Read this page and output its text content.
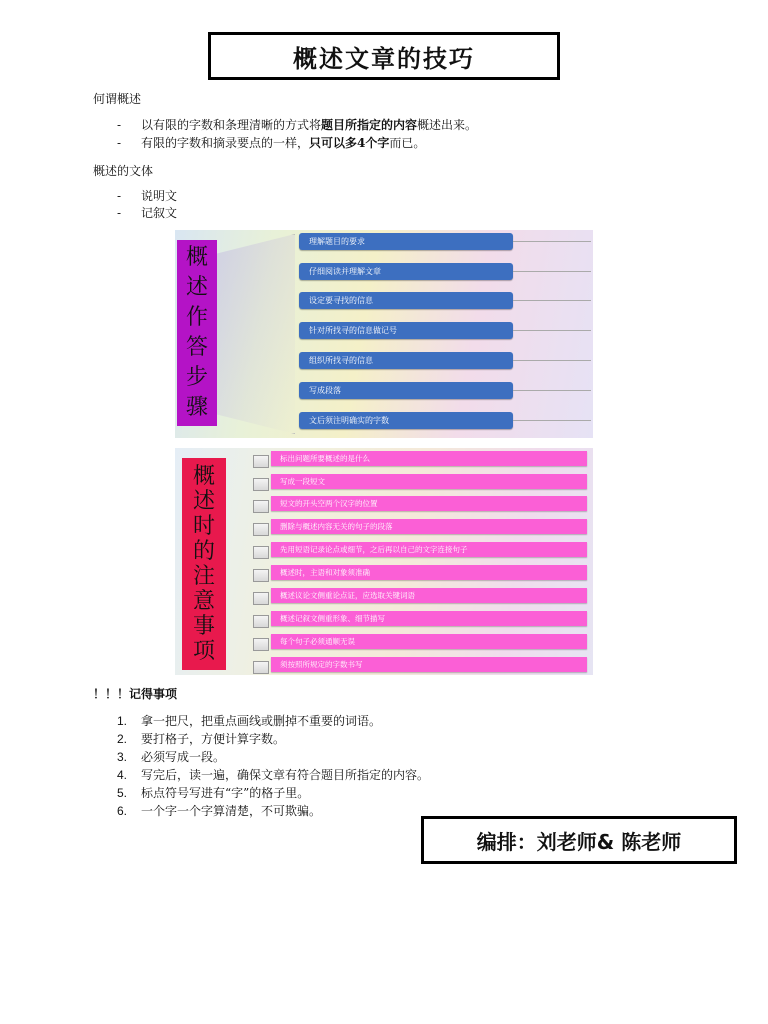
概述文章的技巧
何谓概述
- 以有限的字数和条理清晰的方式将题目所指定的内容概述出来。
- 有限的字数和摘录要点的一样，只可以多4个字而已。
概述的文体
- 说明文
- 记叙文
概
述
作
答
步
骤
理解题目的要求
仔细阅读并理解文章
设定要寻找的信息
针对所找寻的信息做记号
组织所找寻的信息
写成段落
文后须注明确实的字数
概
述
时
的
注
意
事
项
标出问题所要概述的是什么
写成一段短文
短文的开头空两个汉字的位置
删除与概述内容无关的句子的段落
先用短语记录论点或细节，之后再以自己的文字连接句子
概述时，主语和对象须准确
概述议论文侧重论点证，应选取关键词语
概述记叙文侧重形象、细节描写
每个句子必须通顺无误
须按照所规定的字数书写
！！！记得事项
1. 拿一把尺，把重点画线或删掉不重要的词语。
2. 要打格子，方便计算字数。
3. 必须写成一段。
4. 写完后，读一遍，确保文章有符合题目所指定的内容。
5. 标点符号写进有“字”的格子里。
6. 一个字一个字算清楚，不可欺骗。
编排：刘老师& 陈老师
